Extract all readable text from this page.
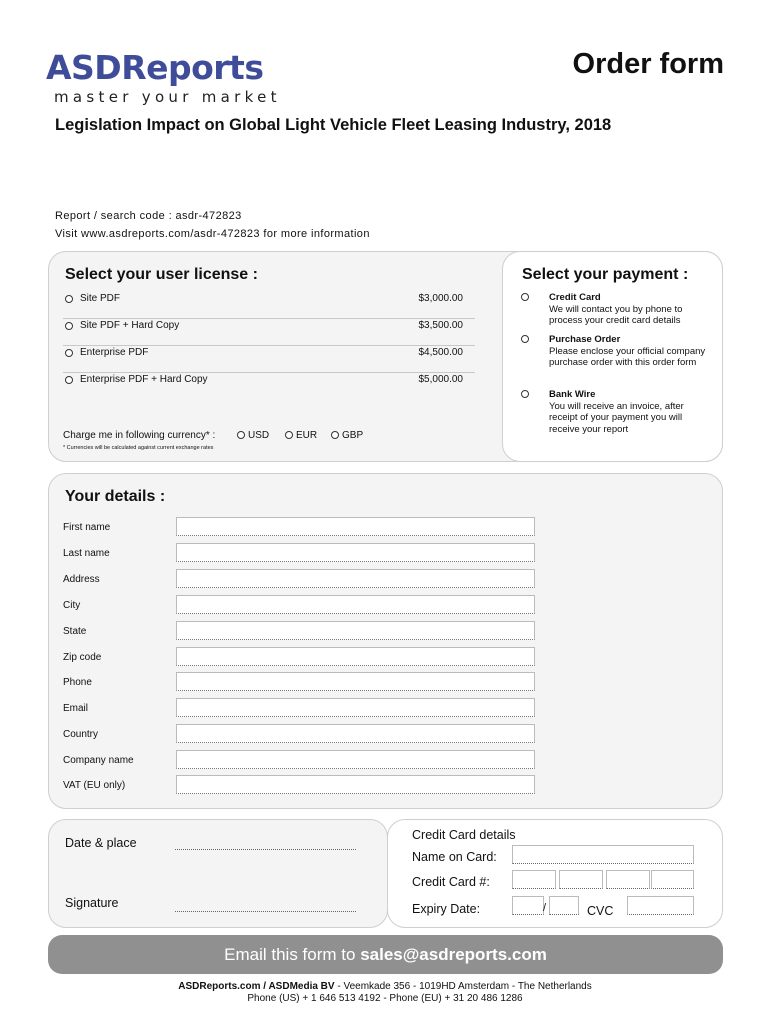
ASDReports
master your market
Order form
Legislation Impact on Global Light Vehicle Fleet Leasing Industry, 2018
Report / search code : asdr-472823
Visit www.asdreports.com/asdr-472823 for more information
Select your user license :
Site PDF	$3,000.00
Site PDF + Hard Copy	$3,500.00
Enterprise PDF	$4,500.00
Enterprise PDF + Hard Copy	$5,000.00
Charge me in following currency* :	USD	EUR GBP
* Currencies will be calculated against current exchange rates
Select your payment :
Credit Card
We will contact you by phone to process your credit card details
Purchase Order
Please enclose your official company purchase order with this order form
Bank Wire
You will receive an invoice, after receipt of your payment you will receive your report
Your details :
First name
Last name
Address
City
State
Zip code
Phone
Email
Country
Company name
VAT (EU only)
Date & place
Signature
Credit Card details
Name on Card:
Credit Card #:
Expiry Date:	/	CVC
Email this form to sales@asdreports.com
ASDReports.com / ASDMedia BV - Veemkade 356 - 1019HD Amsterdam - The Netherlands
Phone (US) + 1 646 513 4192 - Phone (EU) + 31 20 486 1286
